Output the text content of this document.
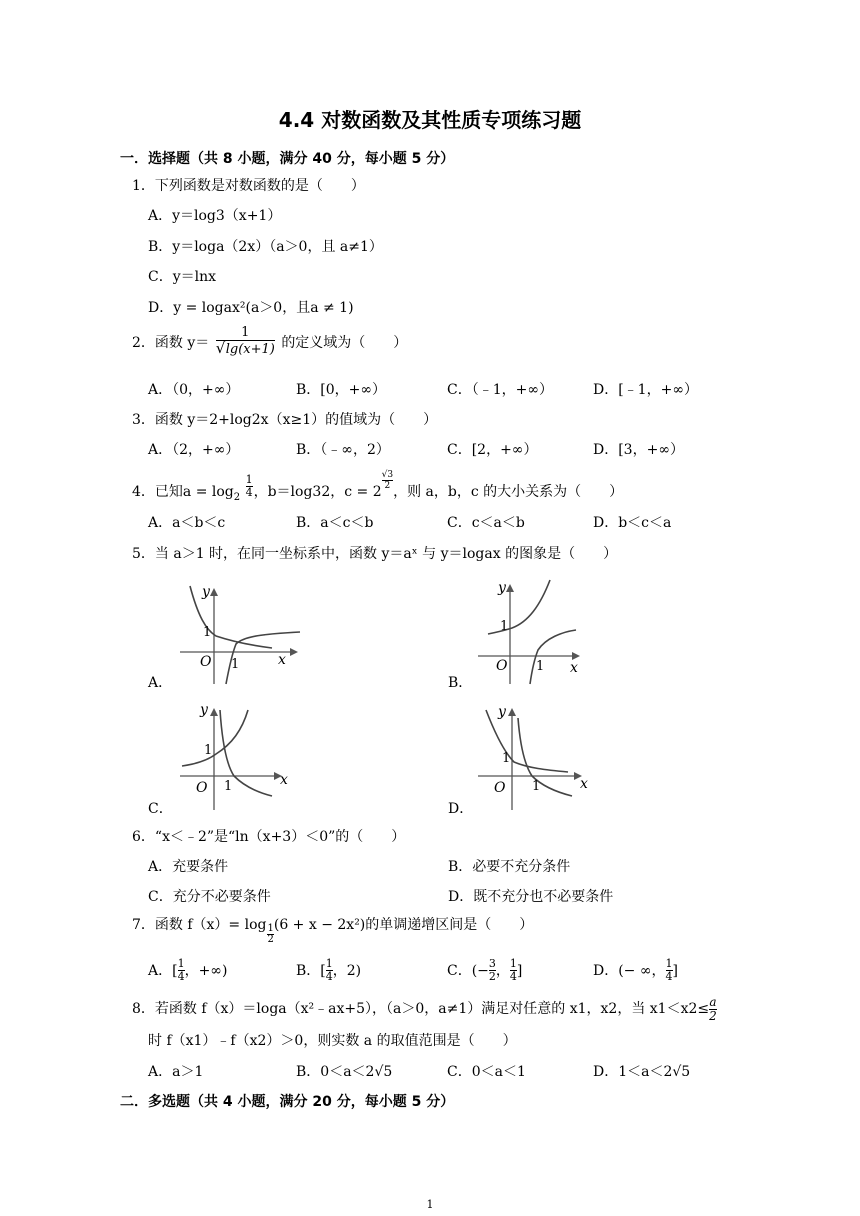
4.4 对数函数及其性质专项练习题
一．选择题（共 8 小题，满分 40 分，每小题 5 分）
1．下列函数是对数函数的是（　　）
A．y＝log3（x+1）
B．y＝loga（2x）（a＞0，且 a≠1）
C．y＝lnx
D．y = logax²(a＞0，且a ≠ 1)
2．函数 $y= \frac{1}{√ \lg(x+1)}$ 的定义域为（　　）
A．（0，+∞）	B．[0，+∞）	C．（﹣1，+∞）	D．[﹣1，+∞）
3．函数 y＝2+log2x（x≥1）的值域为（　　）
A．（2，+∞）	B．（﹣∞，2）	C．[2，+∞）	D．[3，+∞）
4．已知$a = \log_2 \frac{1}{4}$ ，b＝log32，c = 2
$\frac{√3}{2}$
，则 a，b，c 的大小关系为（　　）
A．a＜b＜c	B．a＜c＜b	C．c＜a＜b	D．b＜c＜a
5．当 a＞1 时，在同一坐标系中，函数 y＝aˣ 与 y＝logax 的图象是（　　）
A．
y
x
O
1
1
B．
y
x
O
1
1
C．
y
x
O
1
1
D．
y
x
O
1
1
6．“x＜﹣2”是“ln（x+3）＜0”的（　　）
A．充要条件	B．必要不充分条件
C．充分不必要条件	D．既不充分也不必要条件
7．函数 $f(x)= \log \frac{1}{2} (6 + x - 2x^2)$的单调递增区间是（　　）
A．[ $\frac{1}{4}$ ，+∞)	B．[ $\frac{1}{4}$ ，2)	C．(− $\frac{3}{2}$ ， $\frac{1}{4}$ ]	D．(− ∞， $\frac{1}{4}$ ]
8．若函数 f（x）＝loga（x²﹣ax+5），（a＞0，a≠1）满足对任意的 x1，x2，当 $x1<x2\le \frac{a}{2}$
时 f（x1）﹣f（x2）＞0，则实数 a 的取值范围是（　　）
A．a＞1	B．0＜a＜2√5	C．0＜a＜1	D．1＜a＜2√5
二．多选题（共 4 小题，满分 20 分，每小题 5 分）
1
